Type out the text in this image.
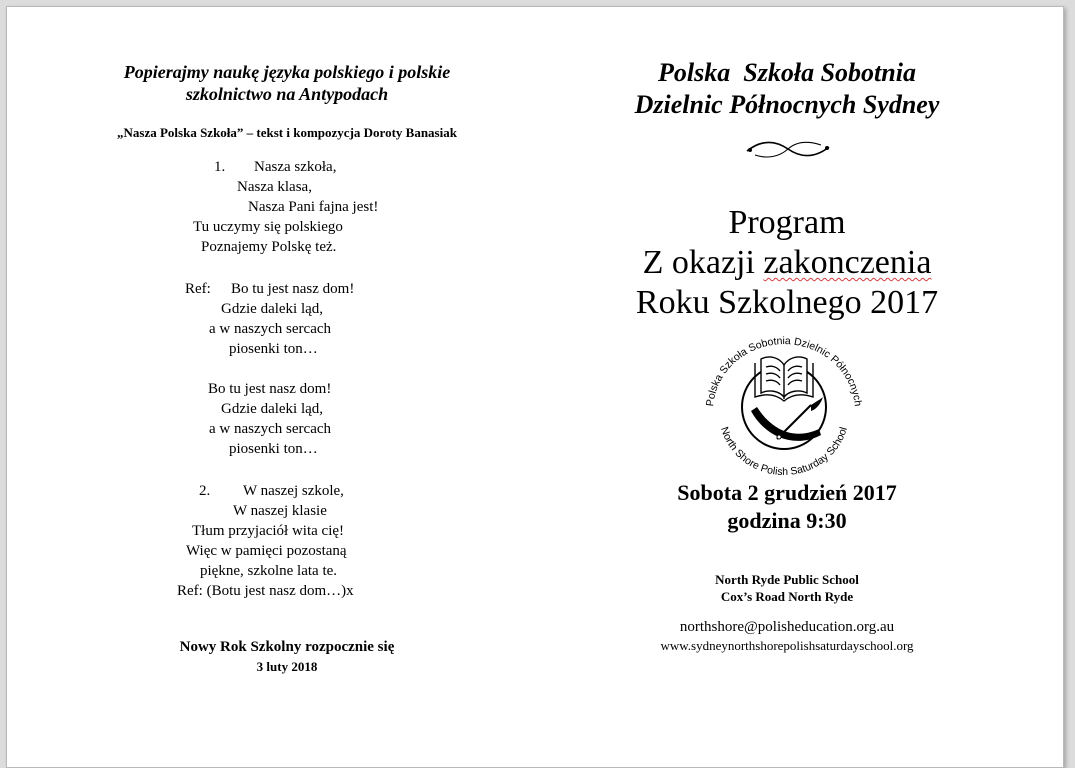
Popierajmy naukę języka polskiego i polskie
szkolnictwo na Antypodach
„Nasza Polska Szkoła” – tekst i kompozycja Doroty Banasiak
1. Nasza szkoła,
Nasza klasa,
Nasza Pani fajna jest!
Tu uczymy się polskiego
Poznajemy Polskę też.
Ref: Bo tu jest nasz dom!
Gdzie daleki ląd,
a w naszych sercach
piosenki ton…
Bo tu jest nasz dom!
Gdzie daleki ląd,
a w naszych sercach
piosenki ton…
2. W naszej szkole,
W naszej klasie
Tłum przyjaciół wita cię!
Więc w pamięci pozostaną
piękne, szkolne lata te.
Ref: (Botu jest nasz dom…)x
Nowy Rok Szkolny rozpocznie się
3 luty 2018
Polska  Szkoła Sobotnia
Dzielnic Północnych Sydney
Program
Z okazji zakonczenia
Roku Szkolnego 2017
Polska Szkoła Sobotnia Dzielnic Północnych
North Shore Polish Saturday School
Sobota 2 grudzień 2017
godzina 9:30
North Ryde Public School
Cox’s Road North Ryde
northshore@polisheducation.org.au
www.sydneynorthshorepolishsaturdayschool.org
